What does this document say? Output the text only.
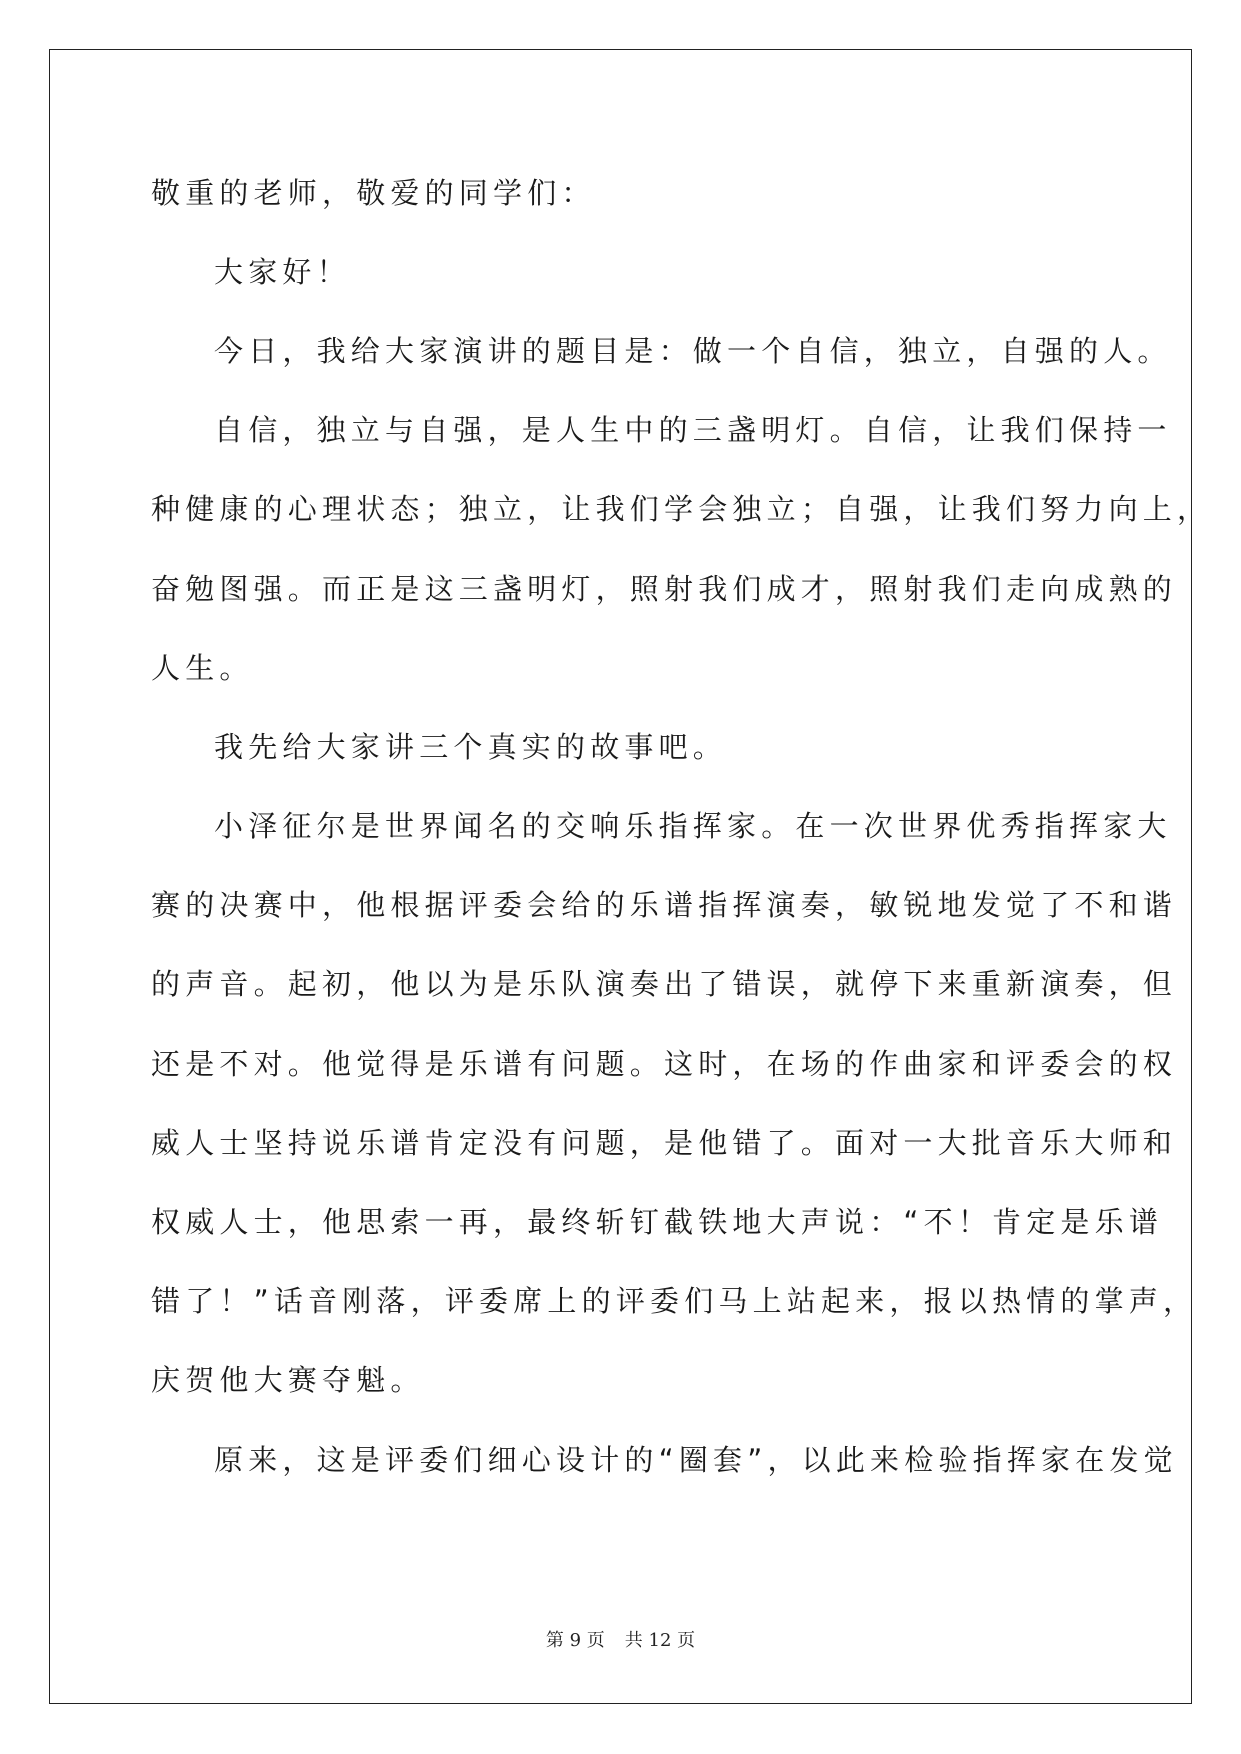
敬重的老师，敬爱的同学们：
大家好！
今日，我给大家演讲的题目是：做一个自信，独立，自强的人。
自信，独立与自强，是人生中的三盏明灯。自信，让我们保持一
种健康的心理状态；独立，让我们学会独立；自强，让我们努力向上，
奋勉图强。而正是这三盏明灯，照射我们成才，照射我们走向成熟的
人生。
我先给大家讲三个真实的故事吧。
小泽征尔是世界闻名的交响乐指挥家。在一次世界优秀指挥家大
赛的决赛中，他根据评委会给的乐谱指挥演奏，敏锐地发觉了不和谐
的声音。起初，他以为是乐队演奏出了错误，就停下来重新演奏，但
还是不对。他觉得是乐谱有问题。这时，在场的作曲家和评委会的权
威人士坚持说乐谱肯定没有问题，是他错了。面对一大批音乐大师和
权威人士，他思索一再，最终斩钉截铁地大声说：“不！肯定是乐谱
错了！”话音刚落，评委席上的评委们马上站起来，报以热情的掌声，
庆贺他大赛夺魁。
原来，这是评委们细心设计的“圈套”，以此来检验指挥家在发觉
第 9 页 共 12 页
